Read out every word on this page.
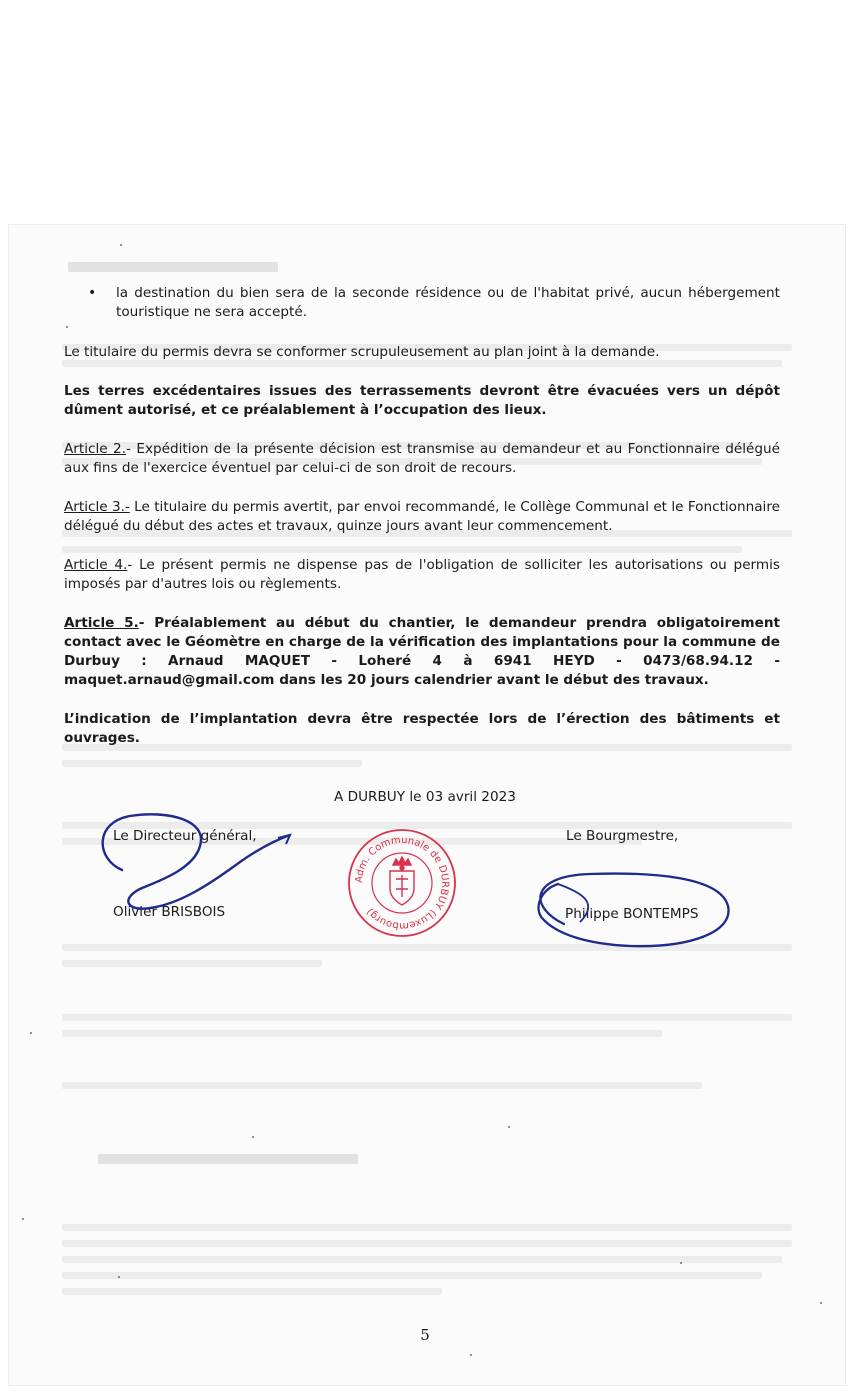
•	la destination du bien sera de la seconde résidence ou de l'habitat privé, aucun hébergement touristique ne sera accepté.

Le titulaire du permis devra se conformer scrupuleusement au plan joint à la demande.

Les terres excédentaires issues des terrassements devront être évacuées vers un dépôt dûment autorisé, et ce préalablement à l’occupation des lieux.

Article 2.- Expédition de la présente décision est transmise au demandeur et au Fonctionnaire délégué aux fins de l'exercice éventuel par celui-ci de son droit de recours.

Article 3.- Le titulaire du permis avertit, par envoi recommandé, le Collège Communal et le Fonctionnaire délégué du début des actes et travaux, quinze jours avant leur commencement.

Article 4.- Le présent permis ne dispense pas de l'obligation de solliciter les autorisations ou permis imposés par d'autres lois ou règlements.

Article 5.- Préalablement au début du chantier, le demandeur prendra obligatoirement contact avec le Géomètre en charge de la vérification des implantations pour la commune de Durbuy : Arnaud MAQUET - Loheré 4 à 6941 HEYD - 0473/68.94.12 - maquet.arnaud@gmail.com dans les 20 jours calendrier avant le début des travaux.

L’indication de l’implantation devra être respectée lors de l’érection des bâtiments et ouvrages.

A DURBUY le 03 avril 2023
Le Directeur général,
Olivier BRISBOIS
Le Bourgmestre,
Philippe BONTEMPS
Adm. Communale de DURBUY (Luxembourg)
5
